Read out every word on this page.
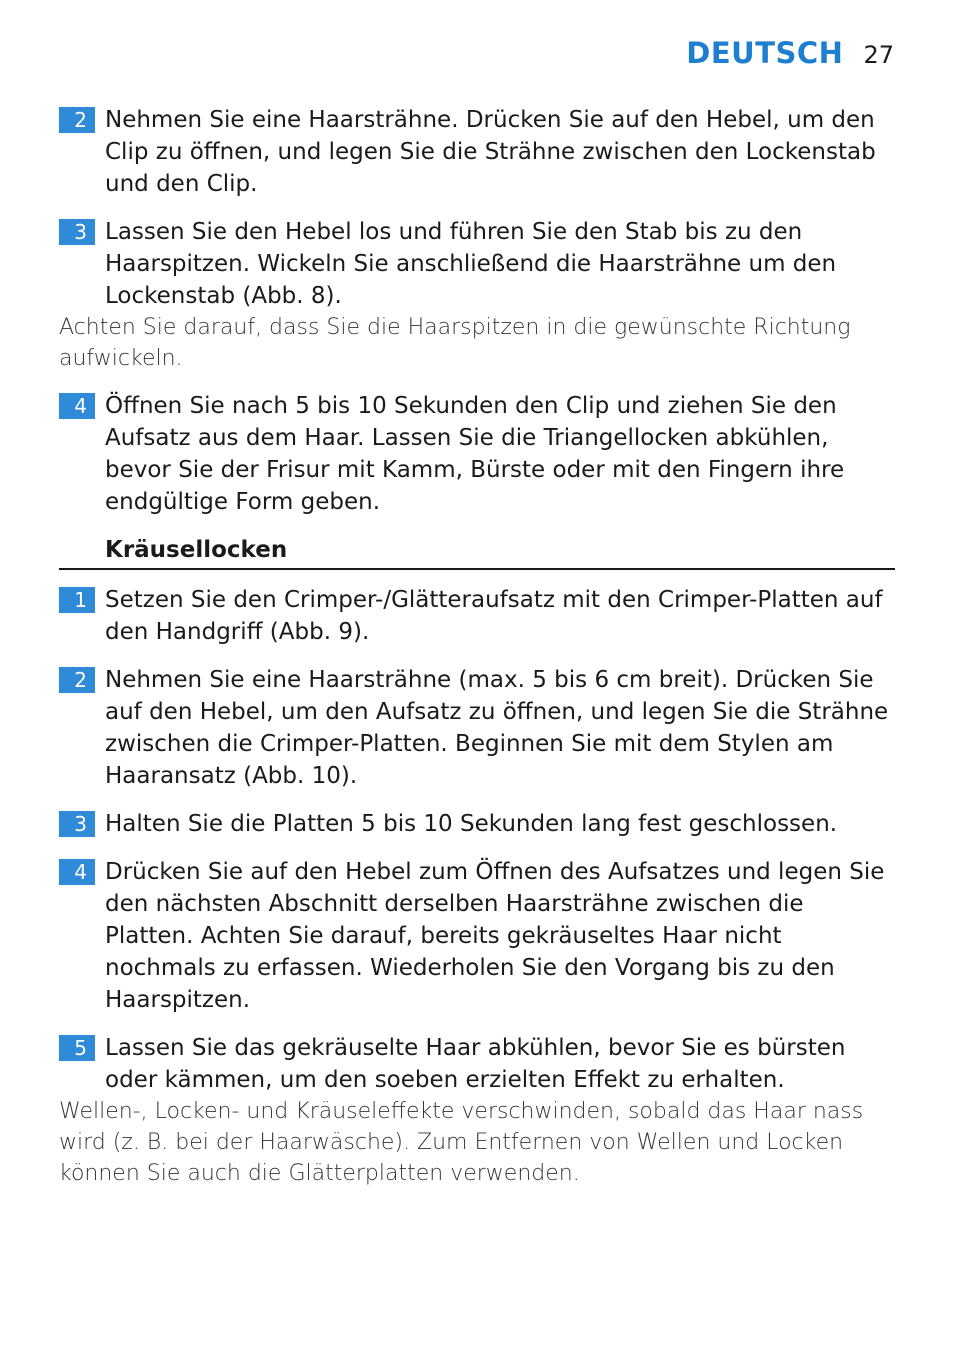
DEUTSCH 27
2 Nehmen Sie eine Haarsträhne. Drücken Sie auf den Hebel, um den Clip zu öffnen, und legen Sie die Strähne zwischen den Lockenstab und den Clip.
3 Lassen Sie den Hebel los und führen Sie den Stab bis zu den Haarspitzen. Wickeln Sie anschließend die Haarsträhne um den Lockenstab (Abb. 8).
Achten Sie darauf, dass Sie die Haarspitzen in die gewünschte Richtung aufwickeln.
4 Öffnen Sie nach 5 bis 10 Sekunden den Clip und ziehen Sie den Aufsatz aus dem Haar. Lassen Sie die Triangellocken abkühlen, bevor Sie der Frisur mit Kamm, Bürste oder mit den Fingern ihre endgültige Form geben.
Kräusellocken
1 Setzen Sie den Crimper-/Glätteraufsatz mit den Crimper-Platten auf den Handgriff (Abb. 9).
2 Nehmen Sie eine Haarsträhne (max. 5 bis 6 cm breit). Drücken Sie auf den Hebel, um den Aufsatz zu öffnen, und legen Sie die Strähne zwischen die Crimper-Platten. Beginnen Sie mit dem Stylen am Haaransatz (Abb. 10).
3 Halten Sie die Platten 5 bis 10 Sekunden lang fest geschlossen.
4 Drücken Sie auf den Hebel zum Öffnen des Aufsatzes und legen Sie den nächsten Abschnitt derselben Haarsträhne zwischen die Platten. Achten Sie darauf, bereits gekräuseltes Haar nicht nochmals zu erfassen. Wiederholen Sie den Vorgang bis zu den Haarspitzen.
5 Lassen Sie das gekräuselte Haar abkühlen, bevor Sie es bürsten oder kämmen, um den soeben erzielten Effekt zu erhalten.
Wellen-, Locken- und Kräuseleffekte verschwinden, sobald das Haar nass wird (z. B. bei der Haarwäsche). Zum Entfernen von Wellen und Locken können Sie auch die Glätterplatten verwenden.
